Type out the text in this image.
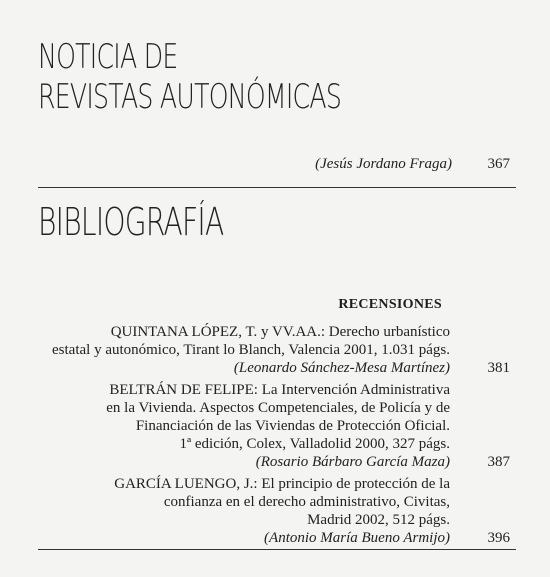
NOTICIA DE
REVISTAS AUTONÓMICAS
(Jesús Jordano Fraga)	367
BIBLIOGRAFÍA
RECENSIONES
QUINTANA LÓPEZ, T. y VV.AA.: Derecho urbanístico
estatal y autonómico, Tirant lo Blanch, Valencia 2001, 1.031 págs.
(Leonardo Sánchez-Mesa Martínez)	381
BELTRÁN DE FELIPE: La Intervención Administrativa
en la Vivienda. Aspectos Competenciales, de Policía y de
Financiación de las Viviendas de Protección Oficial.
1ª edición, Colex, Valladolid 2000, 327 págs.
(Rosario Bárbaro García Maza)	387
GARCÍA LUENGO, J.: El principio de protección de la
confianza en el derecho administrativo, Civitas,
Madrid 2002, 512 págs.
(Antonio María Bueno Armijo)	396
